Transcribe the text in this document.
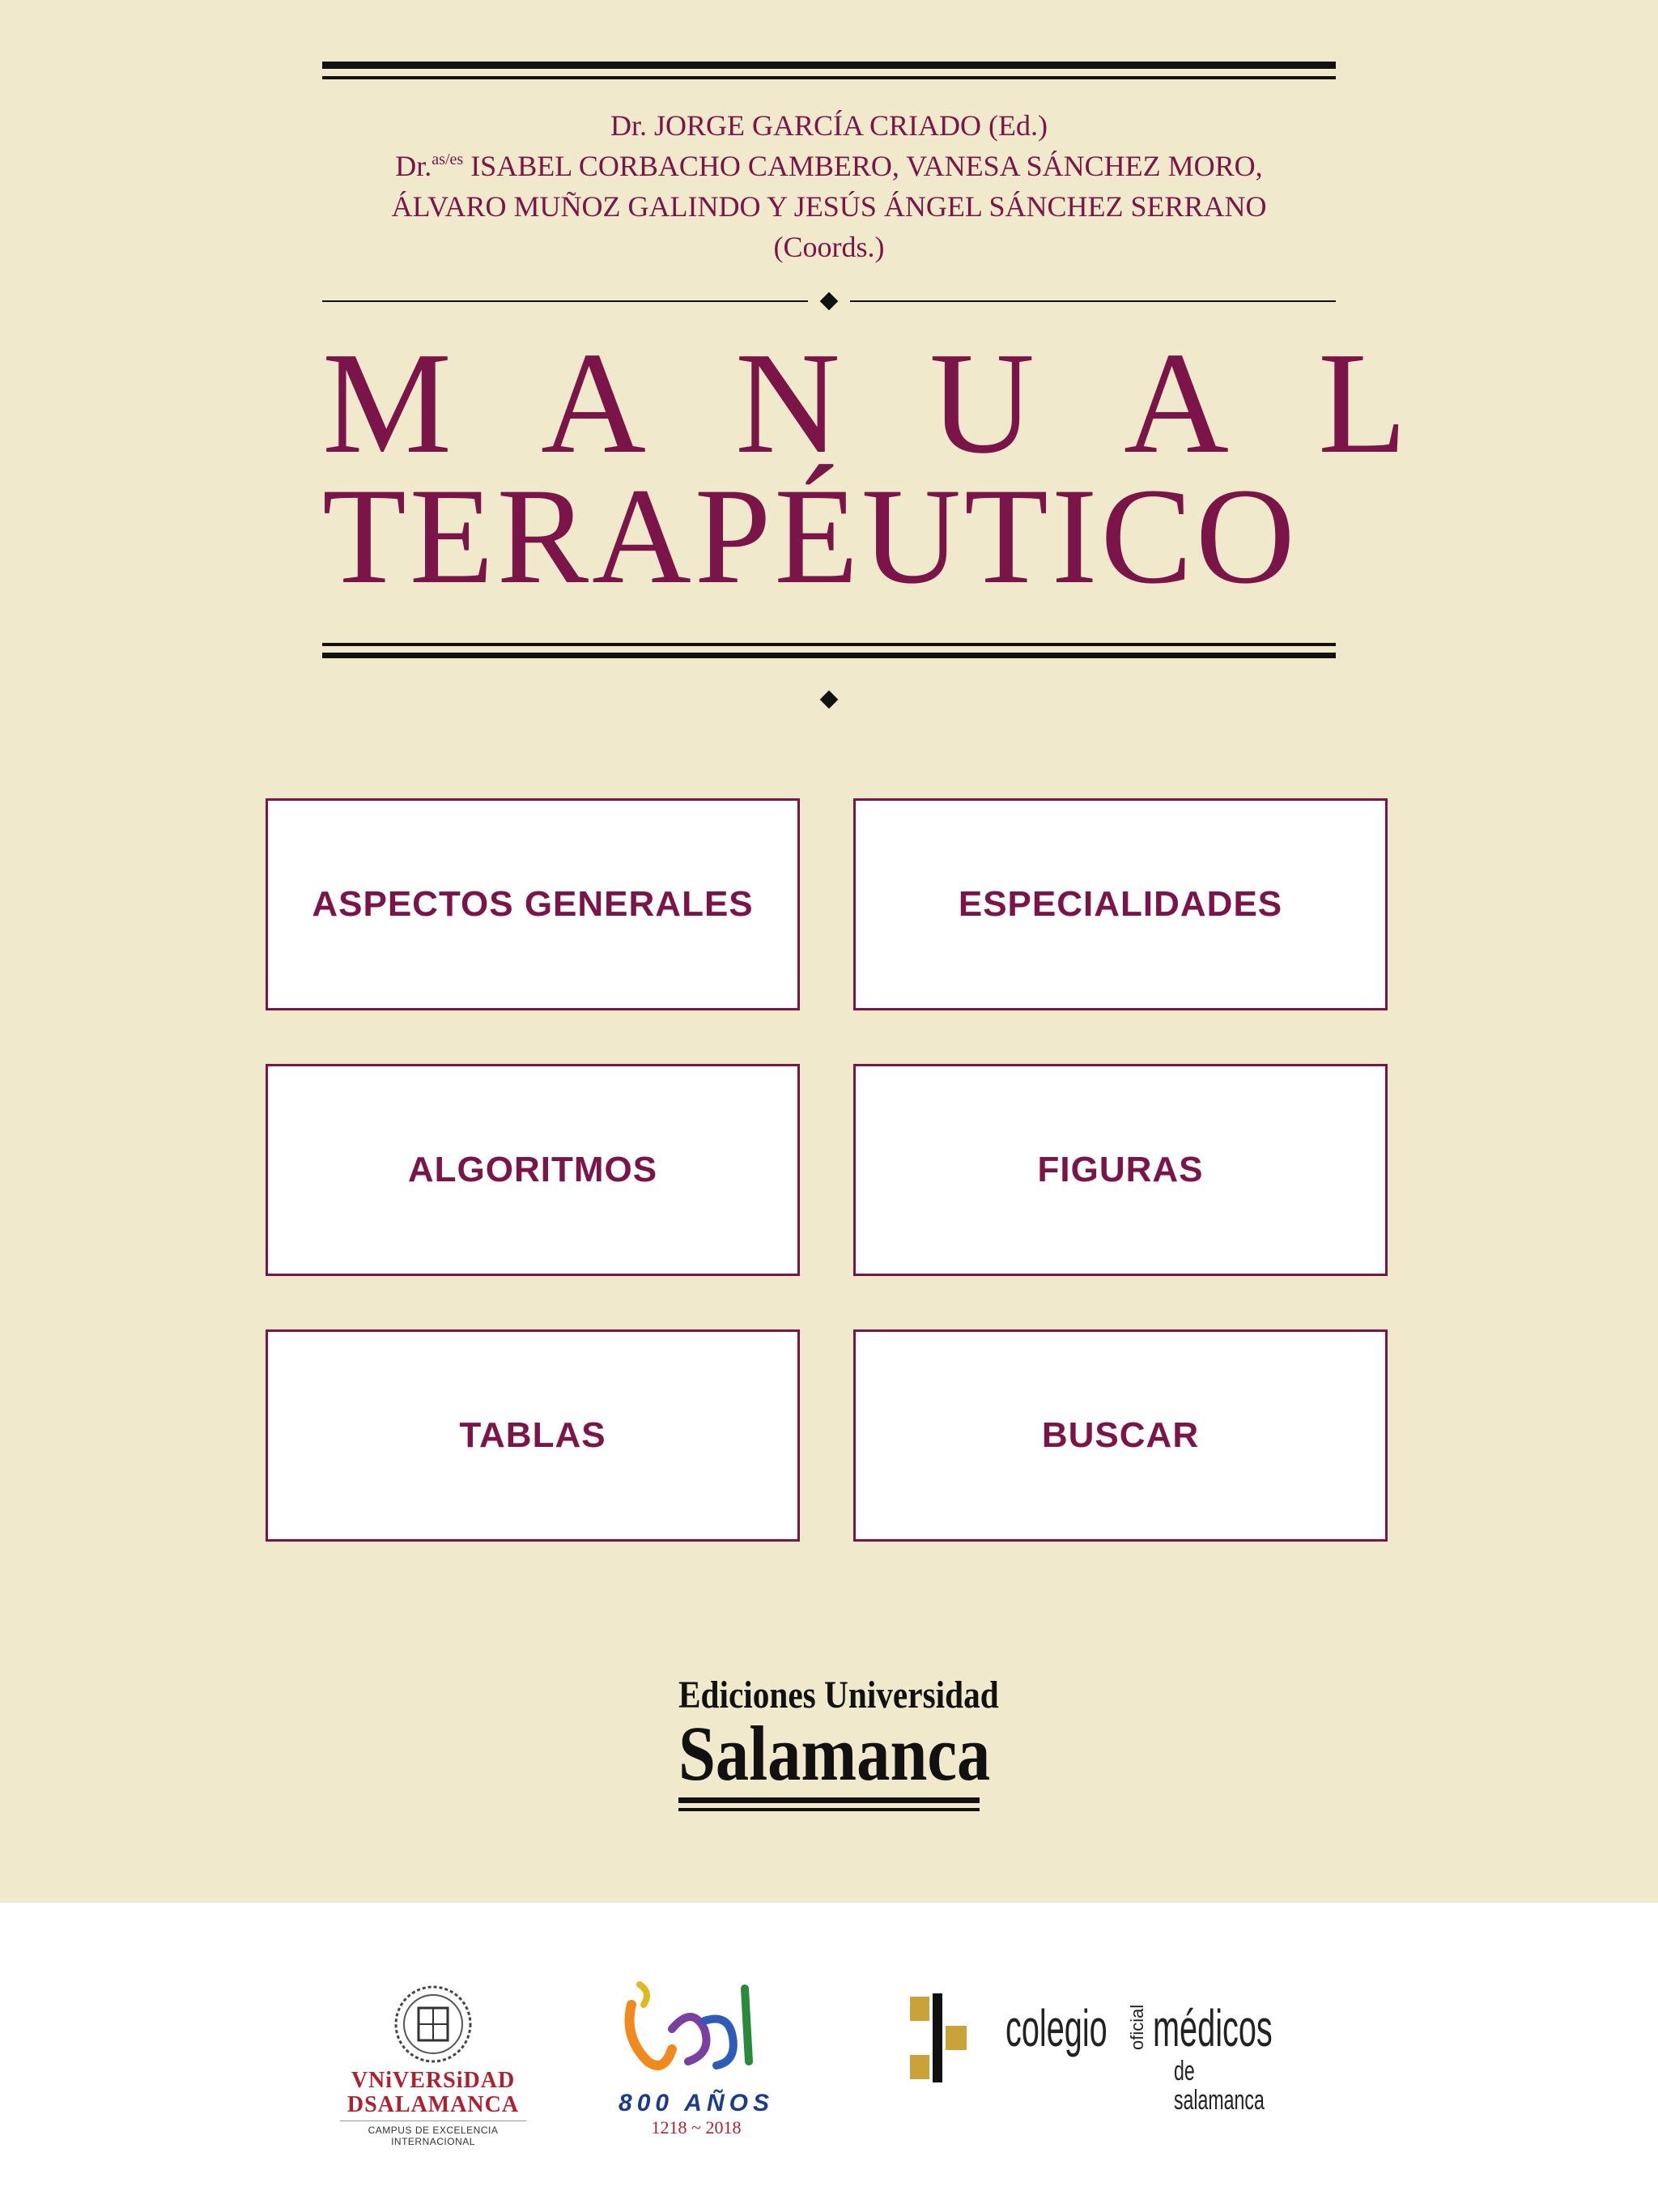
Dr. JORGE GARCÍA CRIADO (Ed.)
Dr.$^{as/es}$ ISABEL CORBACHO CAMBERO, VANESA SÁNCHEZ MORO,
ÁLVARO MUÑOZ GALINDO Y JESÚS ÁNGEL SÁNCHEZ SERRANO
(Coords.)
MANUAL
TERAPÉUTICO
ASPECTOS GENERALES	ESPECIALIDADES
ALGORITMOS	FIGURAS
TABLAS	BUSCAR
Ediciones Universidad
Salamanca
VNiVERSiDAD
DSALAMANCA
CAMPUS DE EXCELENCIA INTERNACIONAL
800 AÑOS
1218 ~ 2018
colegio oficial médicos
de salamanca
